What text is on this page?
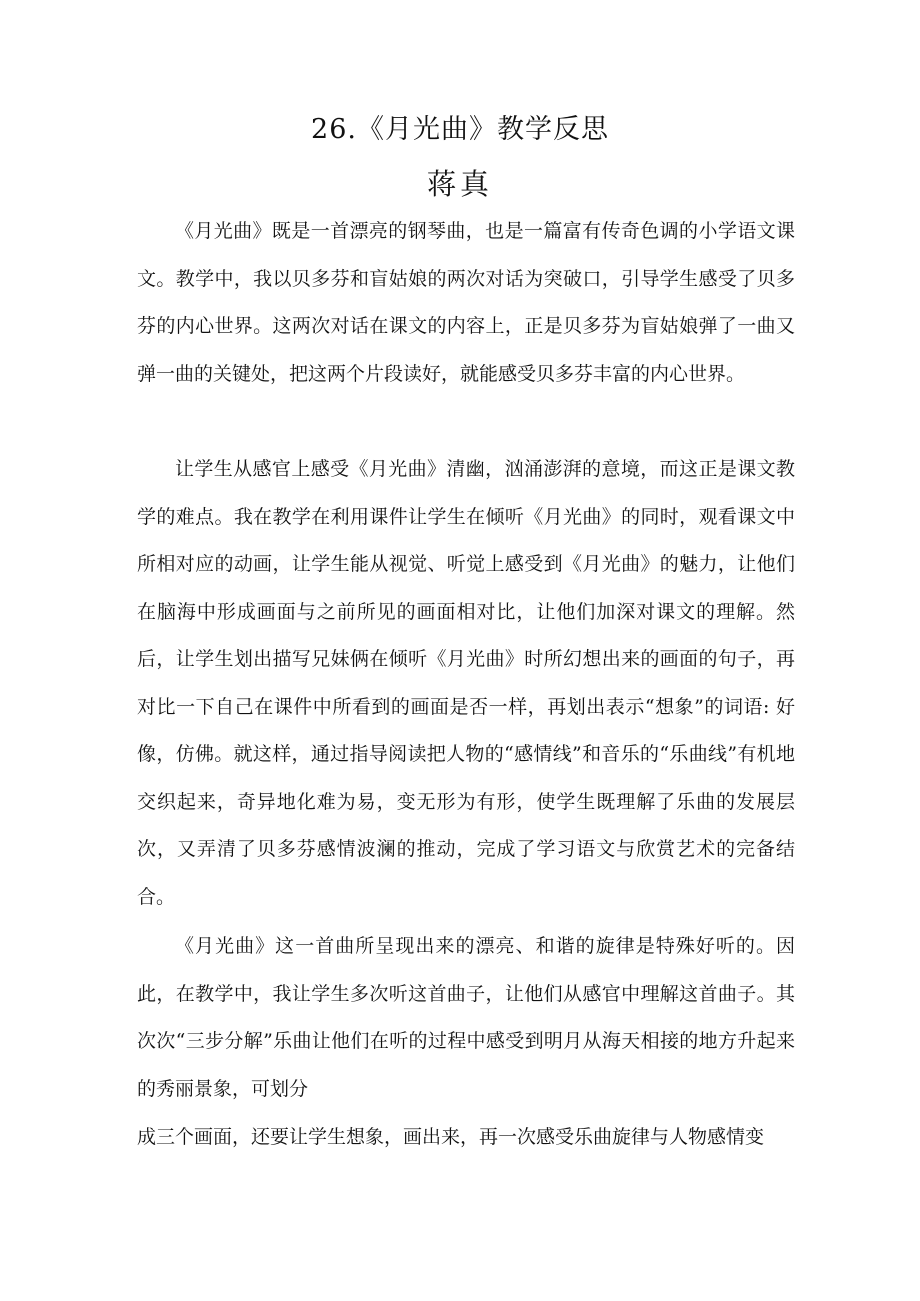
26.《月光曲》教学反思
蒋真

《月光曲》既是一首漂亮的钢琴曲，也是一篇富有传奇色调的小学语文课文。教学中，我以贝多芬和盲姑娘的两次对话为突破口，引导学生感受了贝多芬的内心世界。这两次对话在课文的内容上，正是贝多芬为盲姑娘弹了一曲又弹一曲的关键处，把这两个片段读好，就能感受贝多芬丰富的内心世界。

让学生从感官上感受《月光曲》清幽，汹涌澎湃的意境，而这正是课文教学的难点。我在教学在利用课件让学生在倾听《月光曲》的同时，观看课文中所相对应的动画，让学生能从视觉、听觉上感受到《月光曲》的魅力，让他们在脑海中形成画面与之前所见的画面相对比，让他们加深对课文的理解。然后，让学生划出描写兄妹俩在倾听《月光曲》时所幻想出来的画面的句子，再对比一下自己在课件中所看到的画面是否一样，再划出表示“想象”的词语: 好像，仿佛。就这样，通过指导阅读把人物的“感情线”和音乐的“乐曲线”有机地交织起来，奇异地化难为易，变无形为有形，使学生既理解了乐曲的发展层次，又弄清了贝多芬感情波澜的推动，完成了学习语文与欣赏艺术的完备结合。

《月光曲》这一首曲所呈现出来的漂亮、和谐的旋律是特殊好听的。因此，在教学中，我让学生多次听这首曲子，让他们从感官中理解这首曲子。其次次“三步分解”乐曲让他们在听的过程中感受到明月从海天相接的地方升起来的秀丽景象，可划分

成三个画面，还要让学生想象，画出来，再一次感受乐曲旋律与人物感情变
